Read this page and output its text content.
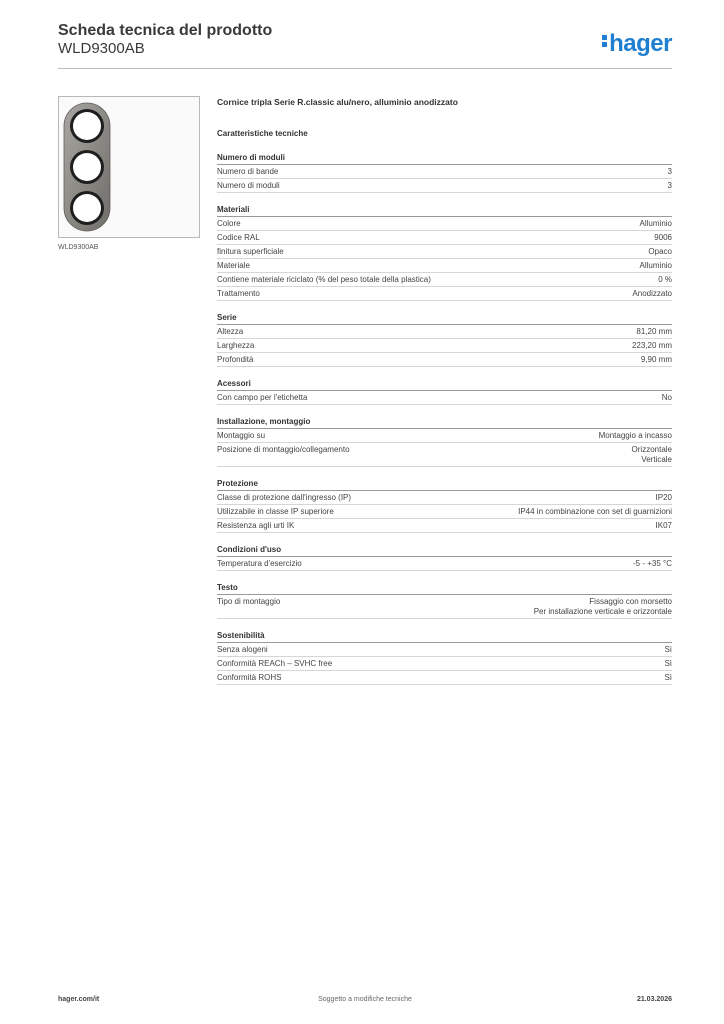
Scheda tecnica del prodotto
WLD9300AB	hager
WLD9300AB
Cornice tripla Serie R.classic alu/nero, alluminio anodizzato
Caratteristiche tecniche
Numero di moduli
Numero di bande	3
Numero di moduli	3
Materiali
Colore	Alluminio
Codice RAL	9006
finitura superficiale	Opaco
Materiale	Alluminio
Contiene materiale riciclato (% del peso totale della plastica)	0 %
Trattamento	Anodizzato
Serie
Altezza	81,20 mm
Larghezza	223,20 mm
Profondità	9,90 mm
Acessori
Con campo per l'etichetta	No
Installazione, montaggio
Montaggio su	Montaggio a incasso
Posizione di montaggio/collegamento	Orizzontale
Verticale
Protezione
Classe di protezione dall'ingresso (IP)	IP20
Utilizzabile in classe IP superiore	IP44 in combinazione con set di guarnizioni
Resistenza agli urti IK	IK07
Condizioni d'uso
Temperatura d'esercizio	-5 - +35 °C
Testo
Tipo di montaggio	Fissaggio con morsetto
Per installazione verticale e orizzontale
Sostenibilità
Senza alogeni	Sì
Conformità REACh – SVHC free	Sì
Conformità ROHS	Sì
Soggetto a modifiche tecniche
hager.com/it	21.03.2026
